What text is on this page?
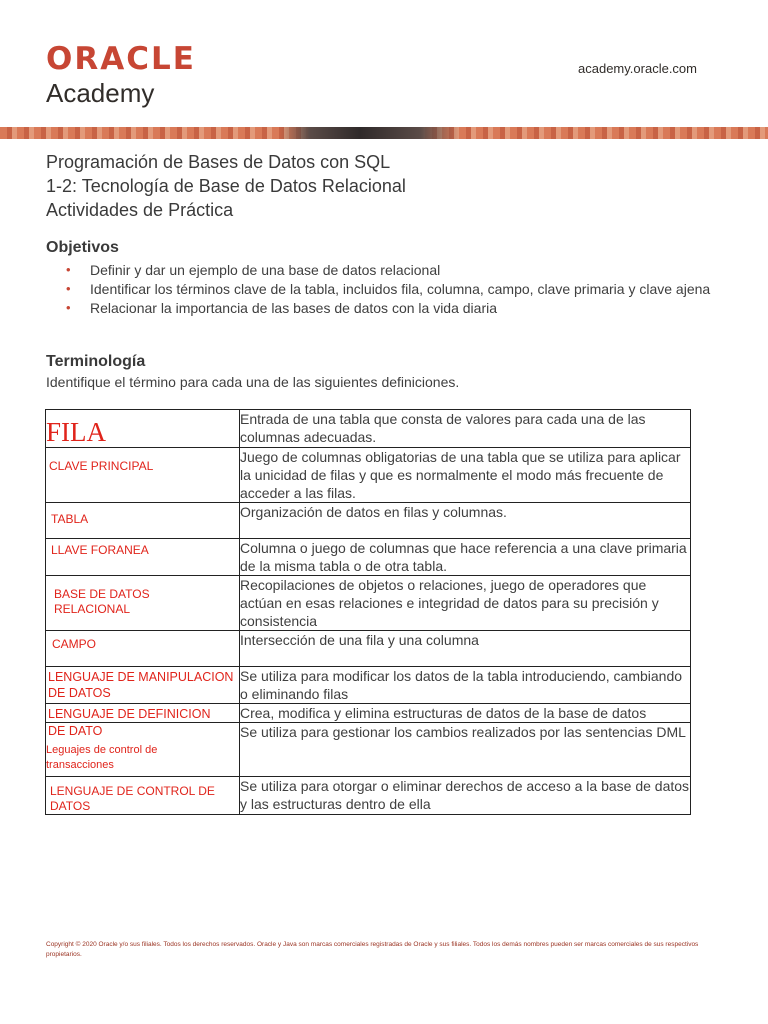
ORACLE
Academy
academy.oracle.com
Programación de Bases de Datos con SQL
1-2: Tecnología de Base de Datos Relacional
Actividades de Práctica
Objetivos
• Definir y dar un ejemplo de una base de datos relacional
• Identificar los términos clave de la tabla, incluidos fila, columna, campo, clave primaria y clave ajena
• Relacionar la importancia de las bases de datos con la vida diaria
Terminología
Identifique el término para cada una de las siguientes definiciones.
FILA	Entrada de una tabla que consta de valores para cada una de las columnas adecuadas.

CLAVE PRINCIPAL	Juego de columnas obligatorias de una tabla que se utiliza para aplicar la unicidad de filas y que es normalmente el modo más frecuente de acceder a las filas.

TABLA	Organización de datos en filas y columnas.

LLAVE FORANEA	Columna o juego de columnas que hace referencia a una clave primaria de la misma tabla o de otra tabla.

BASE DE DATOS RELACIONAL	Recopilaciones de objetos o relaciones, juego de operadores que actúan en esas relaciones e integridad de datos para su precisión y consistencia

CAMPO	Intersección de una fila y una columna

LENGUAJE DE MANIPULACION DE DATOS	Se utiliza para modificar los datos de la tabla introduciendo, cambiando o eliminando filas

LENGUAJE DE DEFINICION	Crea, modifica y elimina estructuras de datos de la base de datos

DE DATO
Leguajes de control de transacciones	Se utiliza para gestionar los cambios realizados por las sentencias DML

LENGUAJE DE CONTROL DE DATOS	Se utiliza para otorgar o eliminar derechos de acceso a la base de datos y las estructuras dentro de ella
Copyright © 2020 Oracle y/o sus filiales. Todos los derechos reservados. Oracle y Java son marcas comerciales registradas de Oracle y sus filiales. Todos los demás nombres pueden ser marcas comerciales de sus respectivos propietarios.
